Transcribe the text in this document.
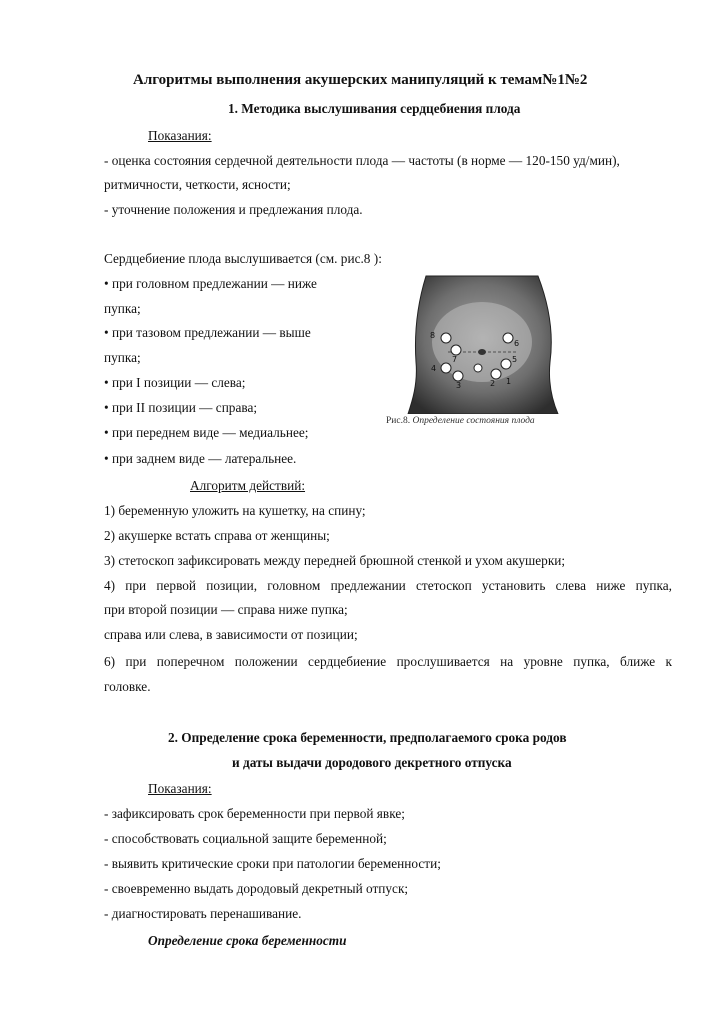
Алгоритмы выполнения акушерских манипуляций к темам№1№2
1. Методика выслушивания сердцебиения плода
Показания:
- оценка состояния сердечной деятельности плода — частоты (в норме — 120-150 уд/мин),
ритмичности, четкости, ясности;
- уточнение положения и предлежания плода.
Сердцебиение плода выслушивается (см. рис.8 ):
• при головном предлежании — ниже
пупка;
• при тазовом предлежании — выше
пупка;
• при I позиции — слева;
• при II позиции — справа;
• при переднем виде — медиальнее;
• при заднем виде — латеральнее.
8
7
6
4
3
5
1
2
Рис.8. Определение состояния плода
Алгоритм действий:
1) беременную уложить на кушетку, на спину;
2) акушерке встать справа от женщины;
3) стетоскоп зафиксировать между передней брюшной стенкой и ухом акушерки;
4) при первой позиции, головном предлежании стетоскоп установить слева ниже пупка,
при второй позиции — справа ниже пупка;
справа или слева, в зависимости от позиции;
6) при поперечном положении сердцебиение прослушивается на уровне пупка, ближе к
головке.
2. Определение срока беременности, предполагаемого срока родов
и даты выдачи дородового декретного отпуска
Показания:
- зафиксировать срок беременности при первой явке;
- способствовать социальной защите беременной;
- выявить критические сроки при патологии беременности;
- своевременно выдать дородовый декретный отпуск;
- диагностировать перенашивание.
Определение срока беременности
